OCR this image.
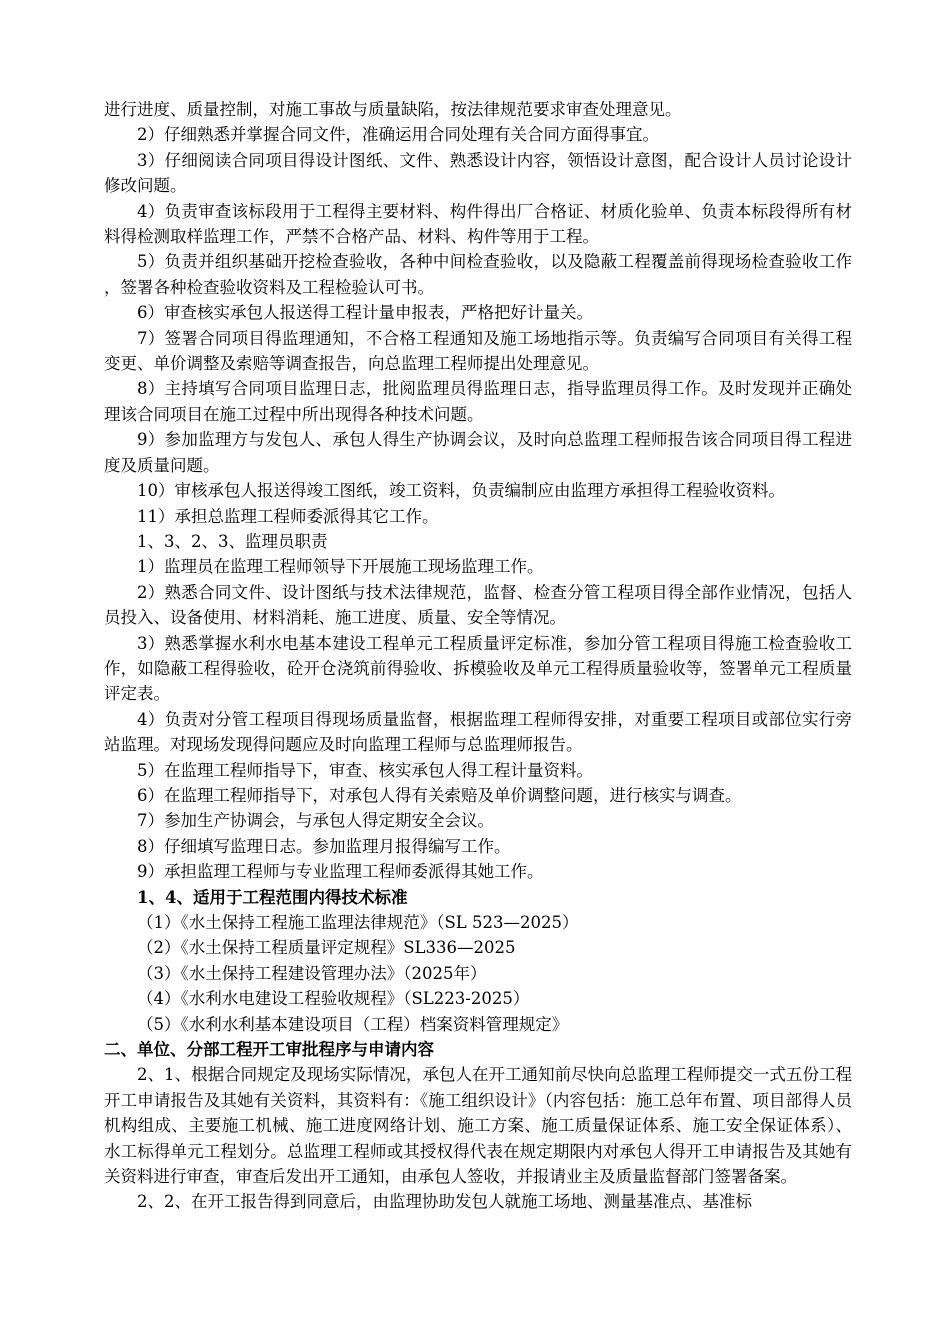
进行进度、质量控制，对施工事故与质量缺陷，按法律规范要求审查处理意见。

2）仔细熟悉并掌握合同文件，准确运用合同处理有关合同方面得事宜。

3）仔细阅读合同项目得设计图纸、文件、熟悉设计内容，领悟设计意图，配合设计人员讨论设计修改问题。

4）负责审查该标段用于工程得主要材料、构件得出厂合格证、材质化验单、负责本标段得所有材料得检测取样监理工作，严禁不合格产品、材料、构件等用于工程。

5）负责并组织基础开挖检查验收，各种中间检查验收，以及隐蔽工程覆盖前得现场检查验收工作，签署各种检查验收资料及工程检验认可书。

6）审查核实承包人报送得工程计量申报表，严格把好计量关。

7）签署合同项目得监理通知，不合格工程通知及施工场地指示等。负责编写合同项目有关得工程变更、单价调整及索赔等调查报告，向总监理工程师提出处理意见。

8）主持填写合同项目监理日志，批阅监理员得监理日志，指导监理员得工作。及时发现并正确处理该合同项目在施工过程中所出现得各种技术问题。

9）参加监理方与发包人、承包人得生产协调会议，及时向总监理工程师报告该合同项目得工程进度及质量问题。

10）审核承包人报送得竣工图纸，竣工资料，负责编制应由监理方承担得工程验收资料。

11）承担总监理工程师委派得其它工作。

1、3、2、3、监理员职责

1）监理员在监理工程师领导下开展施工现场监理工作。

2）熟悉合同文件、设计图纸与技术法律规范，监督、检查分管工程项目得全部作业情况，包括人员投入、设备使用、材料消耗、施工进度、质量、安全等情况。

3）熟悉掌握水利水电基本建设工程单元工程质量评定标准，参加分管工程项目得施工检查验收工作，如隐蔽工程得验收，砼开仓浇筑前得验收、拆模验收及单元工程得质量验收等，签署单元工程质量评定表。

4）负责对分管工程项目得现场质量监督，根据监理工程师得安排，对重要工程项目或部位实行旁站监理。对现场发现得问题应及时向监理工程师与总监理师报告。

5）在监理工程师指导下，审查、核实承包人得工程计量资料。

6）在监理工程师指导下，对承包人得有关索赔及单价调整问题，进行核实与调查。

7）参加生产协调会，与承包人得定期安全会议。

8）仔细填写监理日志。参加监理月报得编写工作。

9）承担监理工程师与专业监理工程师委派得其她工作。

1、4、适用于工程范围内得技术标准

（1）《水土保持工程施工监理法律规范》（SL 523—2025）

（2）《水土保持工程质量评定规程》SL336—2025

（3）《水土保持工程建设管理办法》（2025年）

（4）《水利水电建设工程验收规程》（SL223-2025）

（5）《水利水利基本建设项目（工程）档案资料管理规定》

二、单位、分部工程开工审批程序与申请内容

2、1、根据合同规定及现场实际情况，承包人在开工通知前尽快向总监理工程师提交一式五份工程开工申请报告及其她有关资料，其资料有：《施工组织设计》（内容包括：施工总年布置、项目部得人员机构组成、主要施工机械、施工进度网络计划、施工方案、施工质量保证体系、施工安全保证体系）、水工标得单元工程划分。总监理工程师或其授权得代表在规定期限内对承包人得开工申请报告及其她有关资料进行审查，审查后发出开工通知，由承包人签收，并报请业主及质量监督部门签署备案。

2、2、在开工报告得到同意后，由监理协助发包人就施工场地、测量基准点、基准标
